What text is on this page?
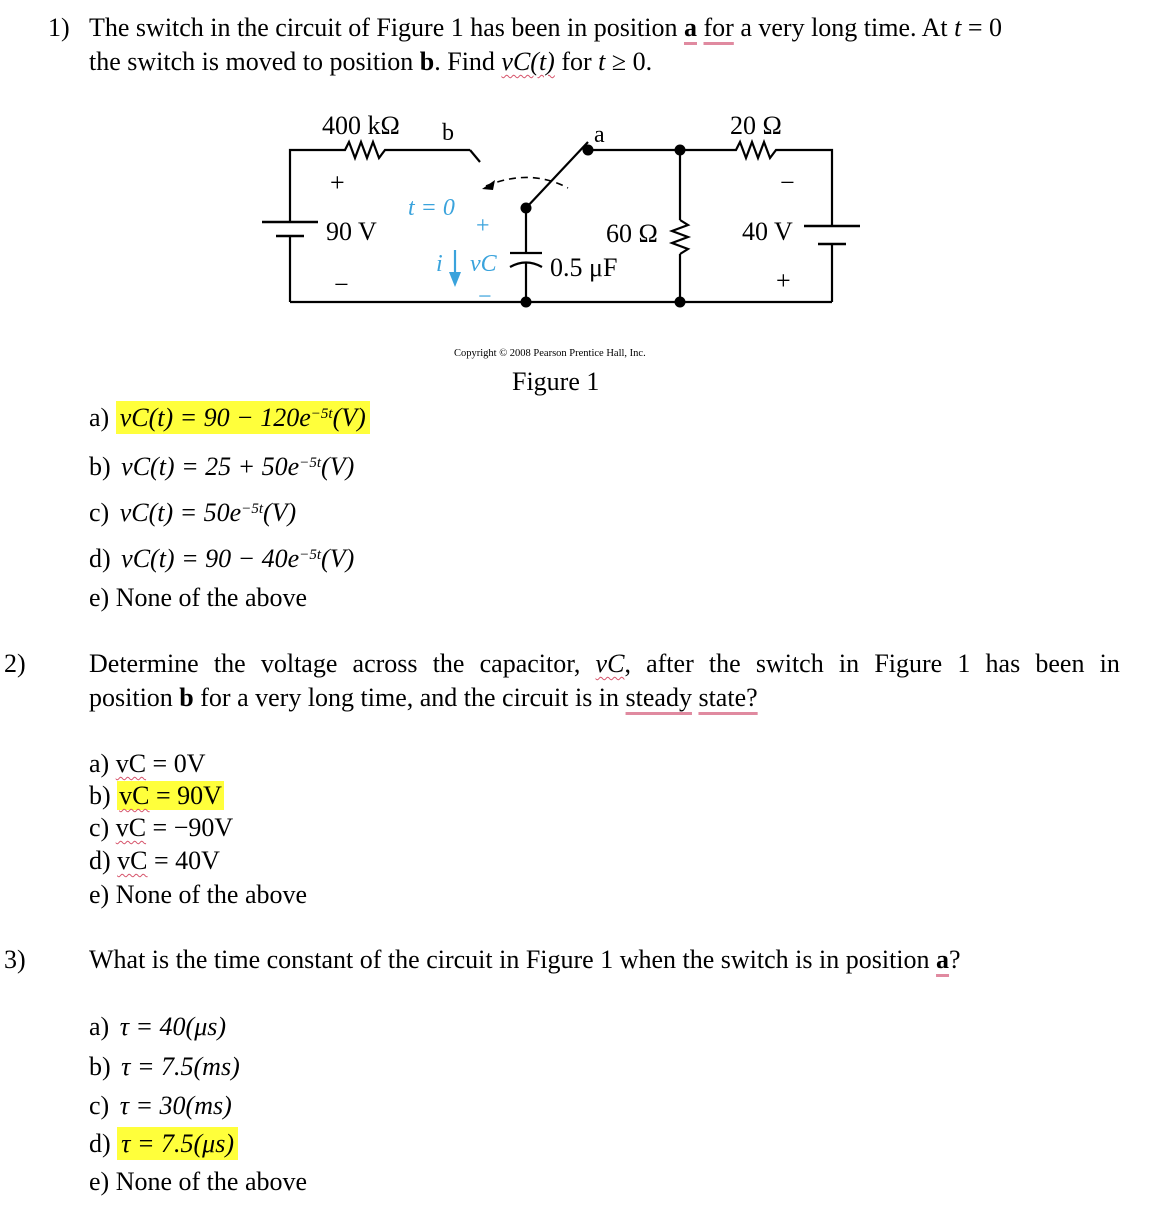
1) The switch in the circuit of Figure 1 has been in position a for a very long time. At t = 0
the switch is moved to position b. Find vC(t) for t ≥ 0.
400 kΩ b	a	20 Ω
+
90 V
−
t = 0
+
i vC
−
60 Ω
0.5 μF
−
40 V
+
Copyright © 2008 Pearson Prentice Hall, Inc.
Figure 1
a) $vC(t) = 90 - 120e^{-5t}(V)$
b) $vC(t) = 25 + 50e^{-5t}(V)$
c) $vC(t) = 50e^{-5t}(V)$
d) $vC(t) = 90 - 40e^{-5t}(V)$
e) None of the above
2) Determine the voltage across the capacitor, vC, after the switch in Figure 1 has been in
position b for a very long time, and the circuit is in steady state?
a) vC = 0V
b) vC = 90V
c) vC = −90V
d) vC = 40V
e) None of the above
3) What is the time constant of the circuit in Figure 1 when the switch is in position a?
a) τ = 40(μs)
b) τ = 7.5(ms)
c) τ = 30(ms)
d) τ = 7.5(μs)
e) None of the above
